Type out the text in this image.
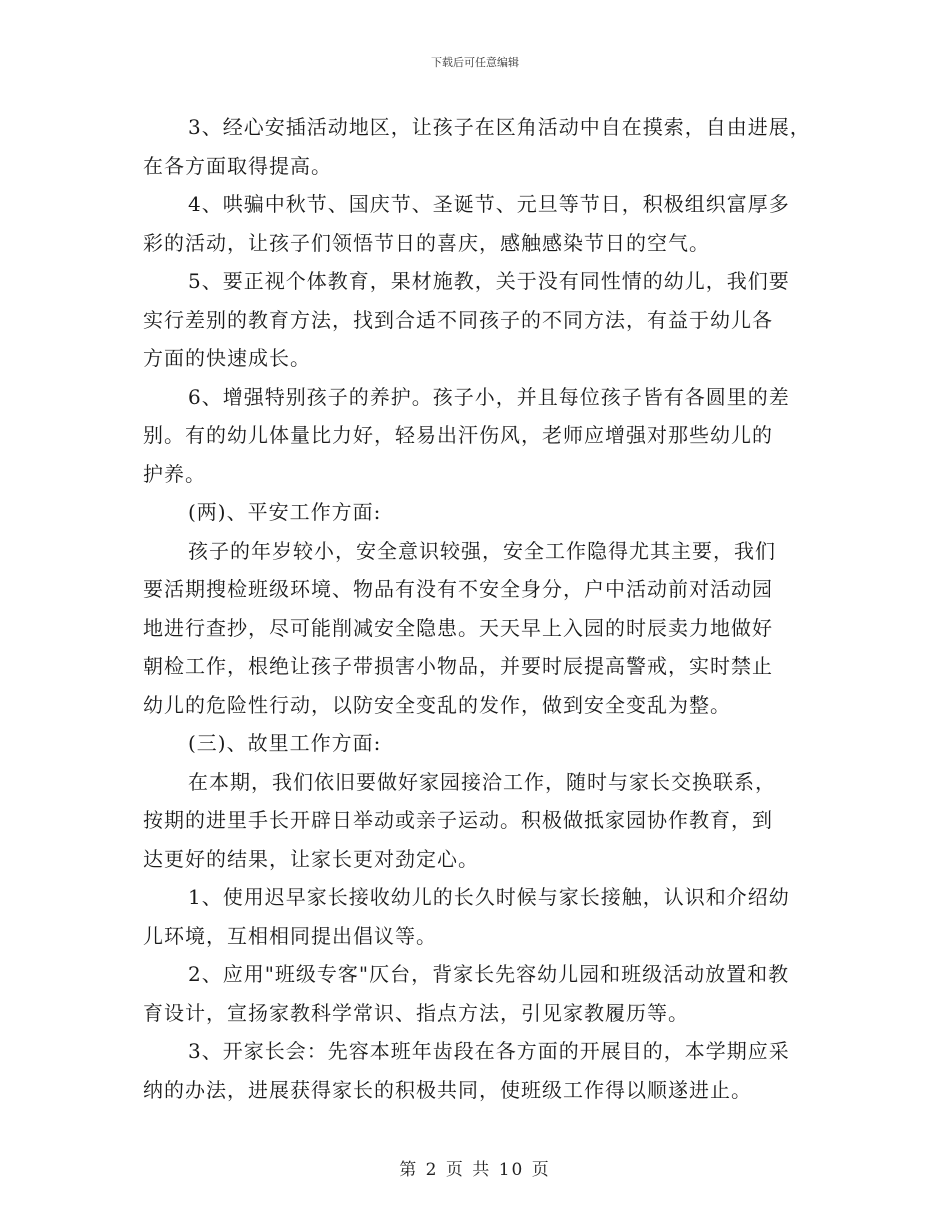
下载后可任意编辑
3、经心安插活动地区，让孩子在区角活动中自在摸索，自由进展，
在各方面取得提高。
4、哄骗中秋节、国庆节、圣诞节、元旦等节日，积极组织富厚多
彩的活动，让孩子们领悟节日的喜庆，感触感染节日的空气。
5、要正视个体教育，果材施教，关于没有同性情的幼儿，我们要
实行差别的教育方法，找到合适不同孩子的不同方法，有益于幼儿各
方面的快速成长。
6、增强特别孩子的养护。孩子小，并且每位孩子皆有各圆里的差
别。有的幼儿体量比力好，轻易出汗伤风，老师应增强对那些幼儿的
护养。
(两)、平安工作方面:
孩子的年岁较小，安全意识较强，安全工作隐得尤其主要，我们
要活期搜检班级环境、物品有没有不安全身分，户中活动前对活动园
地进行查抄，尽可能削减安全隐患。天天早上入园的时辰卖力地做好
朝检工作，根绝让孩子带损害小物品，并要时辰提高警戒，实时禁止
幼儿的危险性行动，以防安全变乱的发作，做到安全变乱为整。
(三)、故里工作方面:
在本期，我们依旧要做好家园接洽工作，随时与家长交换联系，
按期的进里手长开辟日举动或亲子运动。积极做抵家园协作教育，到
达更好的结果，让家长更对劲定心。
1、使用迟早家长接收幼儿的长久时候与家长接触，认识和介绍幼
儿环境，互相相同提出倡议等。
2、应用"班级专客"仄台，背家长先容幼儿园和班级活动放置和教
育设计，宣扬家教科学常识、指点方法，引见家教履历等。
3、开家长会：先容本班年齿段在各方面的开展目的，本学期应采
纳的办法，进展获得家长的积极共同，使班级工作得以顺遂进止。
第 2 页 共 10 页
